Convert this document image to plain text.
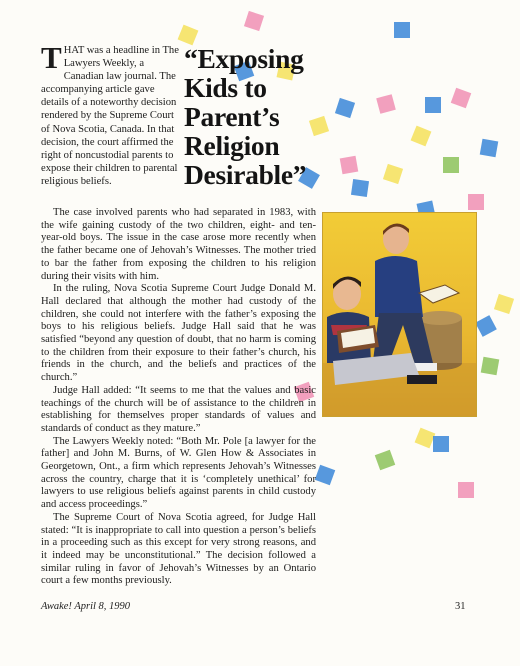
THAT was a headline in The Lawyers Weekly, a Canadian law journal. The accompanying article gave details of a noteworthy decision rendered by the Supreme Court of Nova Scotia, Canada. In that decision, the court affirmed the right of noncustodial parents to expose their children to parental religious beliefs.
“Exposing Kids to Parent’s Religion Desirable”

The case involved parents who had separated in 1983, with the wife gaining custody of the two children, eight- and ten-year-old boys. The issue in the case arose more recently when the father became one of Jehovah’s Witnesses. The mother tried to bar the father from exposing the children to his religion during their visits with him.

In the ruling, Nova Scotia Supreme Court Judge Donald M. Hall declared that although the mother had custody of the children, she could not interfere with the father’s exposing the boys to his religious beliefs. Judge Hall said that he was satisfied “beyond any question of doubt, that no harm is coming to the children from their exposure to their father’s church, his friends in the church, and the beliefs and practices of the church.”

Judge Hall added: “It seems to me that the values and basic teachings of the church will be of assistance to the children in establishing for themselves proper standards of values and standards of conduct as they mature.”

The Lawyers Weekly noted: “Both Mr. Pole [a lawyer for the father] and John M. Burns, of W. Glen How & Associates in Georgetown, Ont., a firm which represents Jehovah’s Witnesses across the country, charge that it is ‘completely unethical’ for lawyers to use religious beliefs against parents in child custody and access proceedings.”

The Supreme Court of Nova Scotia agreed, for Judge Hall stated: “It is inappropriate to call into question a person’s beliefs in a proceeding such as this except for very strong reasons, and it indeed may be unconstitutional.” The decision followed a similar ruling in favor of Jehovah’s Witnesses by an Ontario court a few months previously.

Awake! April 8, 1990	31
